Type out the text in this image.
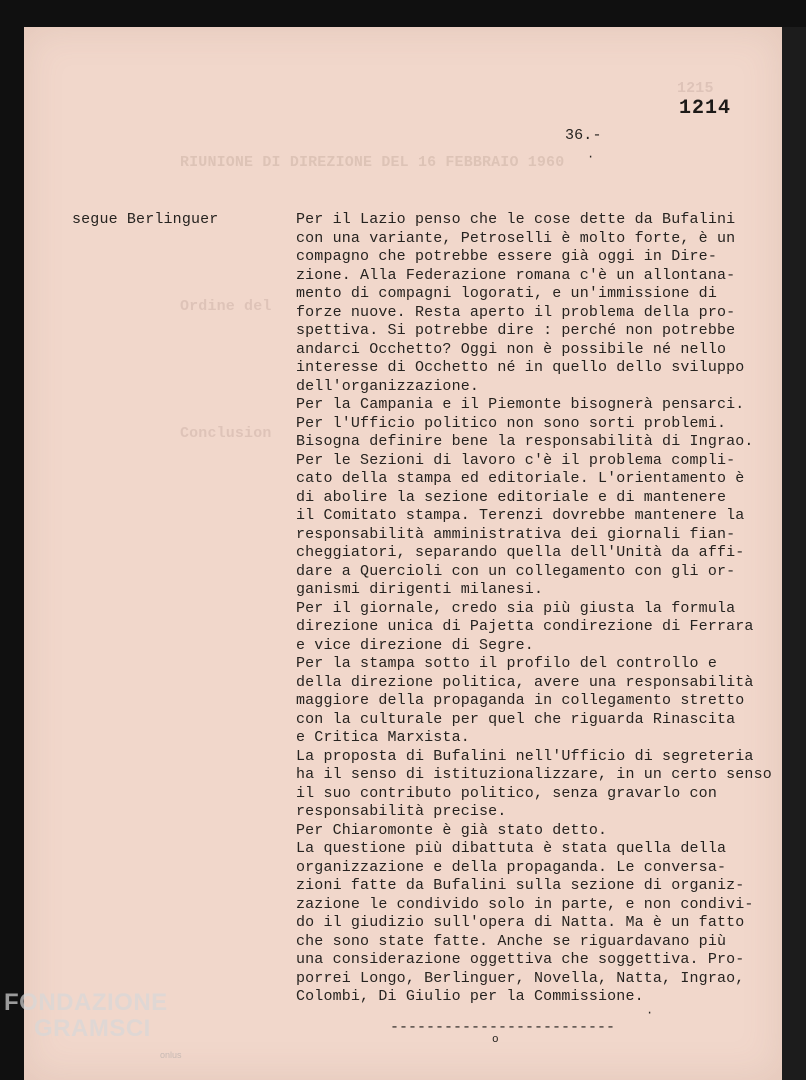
1215
1214
36.-
·
RIUNIONE DI DIREZIONE DEL 16 FEBBRAIO 1960
Ordine del
Conclusion
segue Berlinguer	Per il Lazio penso che le cose dette da Bufalini
con una variante, Petroselli è molto forte, è un
compagno che potrebbe essere già oggi in Dire-
zione. Alla Federazione romana c'è un allontana-
mento di compagni logorati, e un'immissione di
forze nuove. Resta aperto il problema della pro-
spettiva. Si potrebbe dire : perché non potrebbe
andarci Occhetto? Oggi non è possibile né nello
interesse di Occhetto né in quello dello sviluppo
dell'organizzazione.
Per la Campania e il Piemonte bisognerà pensarci.
Per l'Ufficio politico non sono sorti problemi.
Bisogna definire bene la responsabilità di Ingrao.
Per le Sezioni di lavoro c'è il problema compli-
cato della stampa ed editoriale. L'orientamento è
di abolire la sezione editoriale e di mantenere
il Comitato stampa. Terenzi dovrebbe mantenere la
responsabilità amministrativa dei giornali fian-
cheggiatori, separando quella dell'Unità da affi-
dare a Quercioli con un collegamento con gli or-
ganismi dirigenti milanesi.
Per il giornale, credo sia più giusta la formula
direzione unica di Pajetta condirezione di Ferrara
e vice direzione di Segre.
Per la stampa sotto il profilo del controllo e
della direzione politica, avere una responsabilità
maggiore della propaganda in collegamento stretto
con la culturale per quel che riguarda Rinascita
e Critica Marxista.
La proposta di Bufalini nell'Ufficio di segreteria
ha il senso di istituzionalizzare, in un certo senso
il suo contributo politico, senza gravarlo con
responsabilità precise.
Per Chiaromonte è già stato detto.
La questione più dibattuta è stata quella della
organizzazione e della propaganda. Le conversa-
zioni fatte da Bufalini sulla sezione di organiz-
zazione le condivido solo in parte, e non condivi-
do il giudizio sull'opera di Natta. Ma è un fatto
che sono state fatte. Anche se riguardavano più
una considerazione oggettiva che soggettiva. Pro-
porrei Longo, Berlinguer, Novella, Natta, Ingrao,
Colombi, Di Giulio per la Commissione.
·
-------------------------
o
FONDAZIONE
GRAMSCI
onlus
